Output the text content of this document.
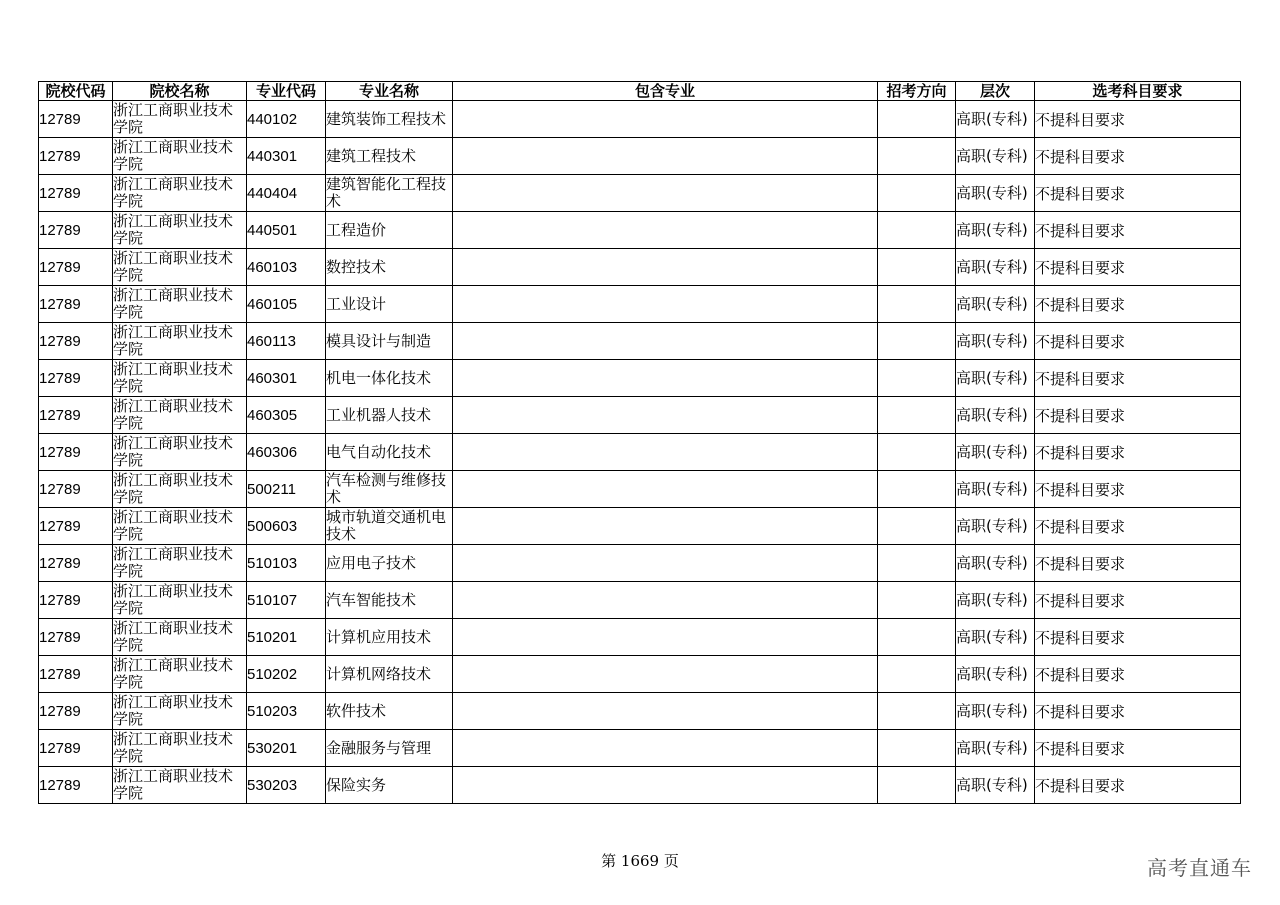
院校代码	院校名称	专业代码	专业名称	包含专业	招考方向	层次	选考科目要求
12789	浙江工商职业技术学院	440102	建筑装饰工程技术			高职(专科)	不提科目要求
12789	浙江工商职业技术学院	440301	建筑工程技术			高职(专科)	不提科目要求
12789	浙江工商职业技术学院	440404	建筑智能化工程技术			高职(专科)	不提科目要求
12789	浙江工商职业技术学院	440501	工程造价			高职(专科)	不提科目要求
12789	浙江工商职业技术学院	460103	数控技术			高职(专科)	不提科目要求
12789	浙江工商职业技术学院	460105	工业设计			高职(专科)	不提科目要求
12789	浙江工商职业技术学院	460113	模具设计与制造			高职(专科)	不提科目要求
12789	浙江工商职业技术学院	460301	机电一体化技术			高职(专科)	不提科目要求
12789	浙江工商职业技术学院	460305	工业机器人技术			高职(专科)	不提科目要求
12789	浙江工商职业技术学院	460306	电气自动化技术			高职(专科)	不提科目要求
12789	浙江工商职业技术学院	500211	汽车检测与维修技术			高职(专科)	不提科目要求
12789	浙江工商职业技术学院	500603	城市轨道交通机电技术			高职(专科)	不提科目要求
12789	浙江工商职业技术学院	510103	应用电子技术			高职(专科)	不提科目要求
12789	浙江工商职业技术学院	510107	汽车智能技术			高职(专科)	不提科目要求
12789	浙江工商职业技术学院	510201	计算机应用技术			高职(专科)	不提科目要求
12789	浙江工商职业技术学院	510202	计算机网络技术			高职(专科)	不提科目要求
12789	浙江工商职业技术学院	510203	软件技术			高职(专科)	不提科目要求
12789	浙江工商职业技术学院	530201	金融服务与管理			高职(专科)	不提科目要求
12789	浙江工商职业技术学院	530203	保险实务			高职(专科)	不提科目要求
第 1669 页	高考直通车
